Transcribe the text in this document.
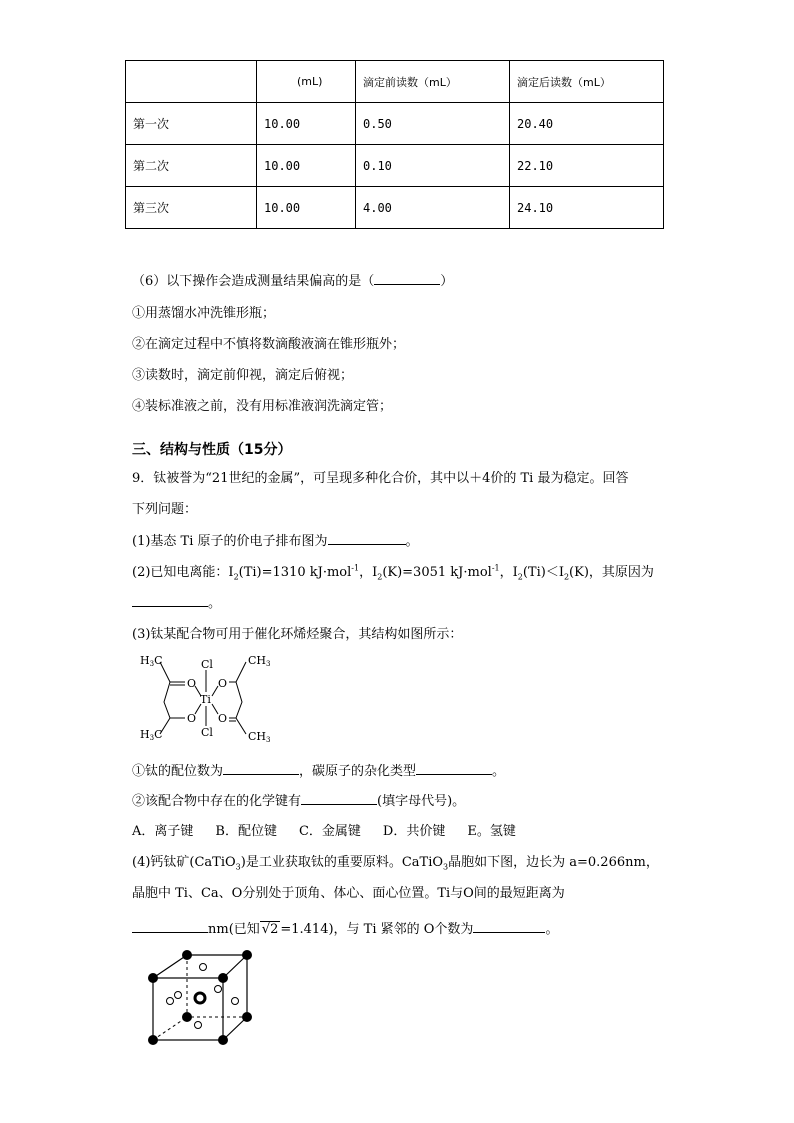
	(mL)	滴定前读数（mL）	滴定后读数（mL）
第一次	10.00	0.50	20.40
第二次	10.00	0.10	22.10
第三次	10.00	4.00	24.10
（6）以下操作会造成测量结果偏高的是（	）
①用蒸馏水冲洗锥形瓶；
②在滴定过程中不慎将数滴酸液滴在锥形瓶外；
③读数时，滴定前仰视，滴定后俯视；
④装标准液之前，没有用标准液润洗滴定管；
三、结构与性质（15分）
9．钛被誉为“21世纪的金属”，可呈现多种化合价，其中以＋4价的 Ti 最为稳定。回答
下列问题：
(1)基态 Ti 原子的价电子排布图为	。
(2)已知电离能：$I_2(Ti)=1310$ kJ·mol$^{-1}$，$I_2(K)=3051$ kJ·mol$^{-1}$，$I_2(Ti)<I_2(K)$，其原因为
。
(3)钛某配合物可用于催化环烯烃聚合，其结构如图所示：
H3C
H3C
CH3
CH3
Cl
Cl
Ti
O
O
O
O
①钛的配位数为	，碳原子的杂化类型	。
②该配合物中存在的化学键有	(填字母代号)。
A．离子键 B．配位键 C．金属键 D．共价键 E。氢键
(4)钙钛矿(CaTiO$_3$)是工业获取钛的重要原料。CaTiO$_3$晶胞如下图，边长为 a=0.266nm，
晶胞中 Ti、Ca、O分别处于顶角、体心、面心位置。Ti与O间的最短距离为
nm(已知 √2 =1.414)，与 Ti 紧邻的 O个数为	。
